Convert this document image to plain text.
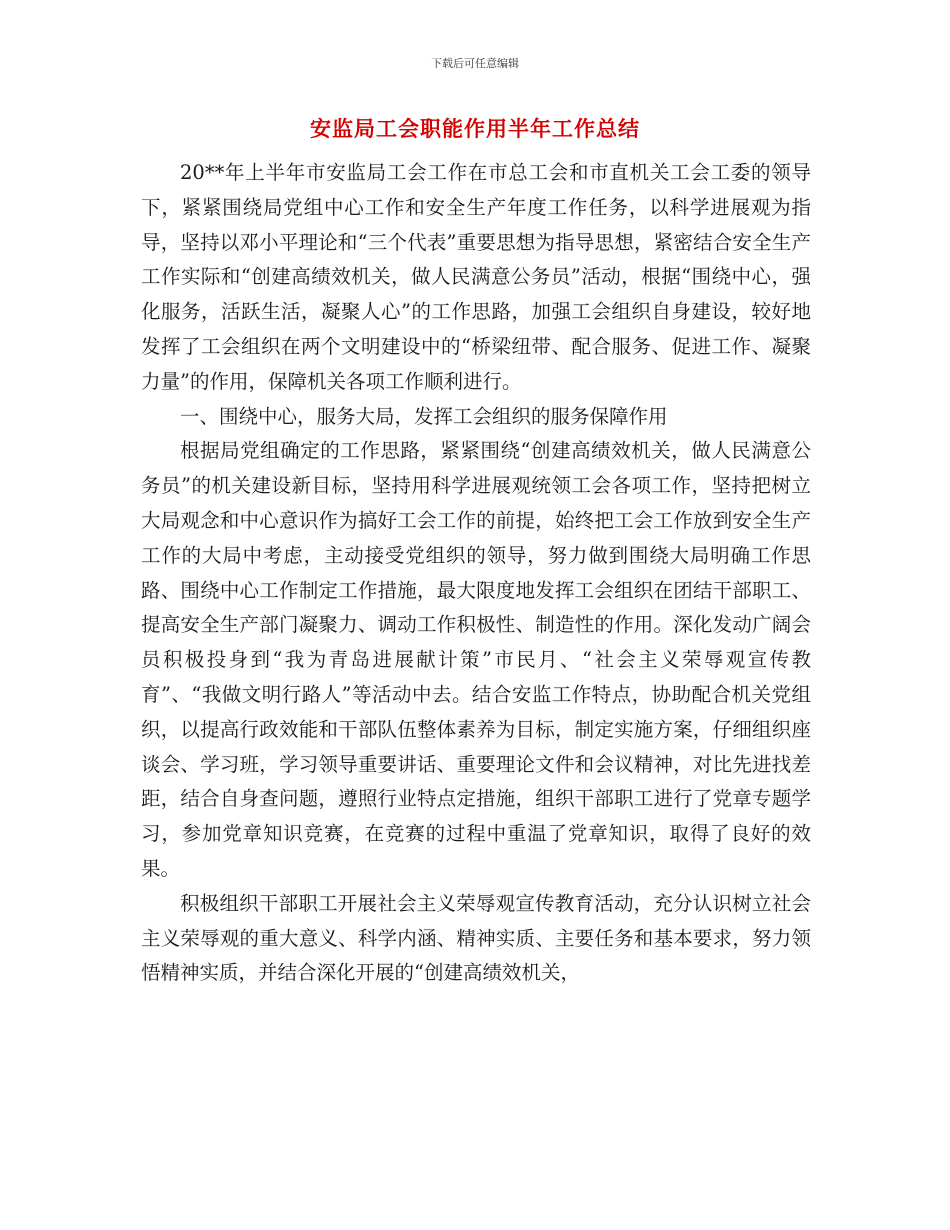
下载后可任意编辑
安监局工会职能作用半年工作总结

20**年上半年市安监局工会工作在市总工会和市直机关工会工委的领导下，紧紧围绕局党组中心工作和安全生产年度工作任务，以科学进展观为指导，坚持以邓小平理论和“三个代表”重要思想为指导思想，紧密结合安全生产工作实际和“创建高绩效机关，做人民满意公务员”活动，根据“围绕中心，强化服务，活跃生活，凝聚人心”的工作思路，加强工会组织自身建设，较好地发挥了工会组织在两个文明建设中的“桥梁纽带、配合服务、促进工作、凝聚力量”的作用，保障机关各项工作顺利进行。

一、围绕中心，服务大局，发挥工会组织的服务保障作用

根据局党组确定的工作思路，紧紧围绕“创建高绩效机关，做人民满意公务员”的机关建设新目标，坚持用科学进展观统领工会各项工作，坚持把树立大局观念和中心意识作为搞好工会工作的前提，始终把工会工作放到安全生产工作的大局中考虑，主动接受党组织的领导，努力做到围绕大局明确工作思路、围绕中心工作制定工作措施，最大限度地发挥工会组织在团结干部职工、提高安全生产部门凝聚力、调动工作积极性、制造性的作用。深化发动广阔会员积极投身到“我为青岛进展献计策”市民月、“社会主义荣辱观宣传教育”、“我做文明行路人”等活动中去。结合安监工作特点，协助配合机关党组织，以提高行政效能和干部队伍整体素养为目标，制定实施方案，仔细组织座谈会、学习班，学习领导重要讲话、重要理论文件和会议精神，对比先进找差距，结合自身查问题，遵照行业特点定措施，组织干部职工进行了党章专题学习，参加党章知识竞赛，在竞赛的过程中重温了党章知识，取得了良好的效果。

积极组织干部职工开展社会主义荣辱观宣传教育活动，充分认识树立社会主义荣辱观的重大意义、科学内涵、精神实质、主要任务和基本要求，努力领悟精神实质，并结合深化开展的“创建高绩效机关，
